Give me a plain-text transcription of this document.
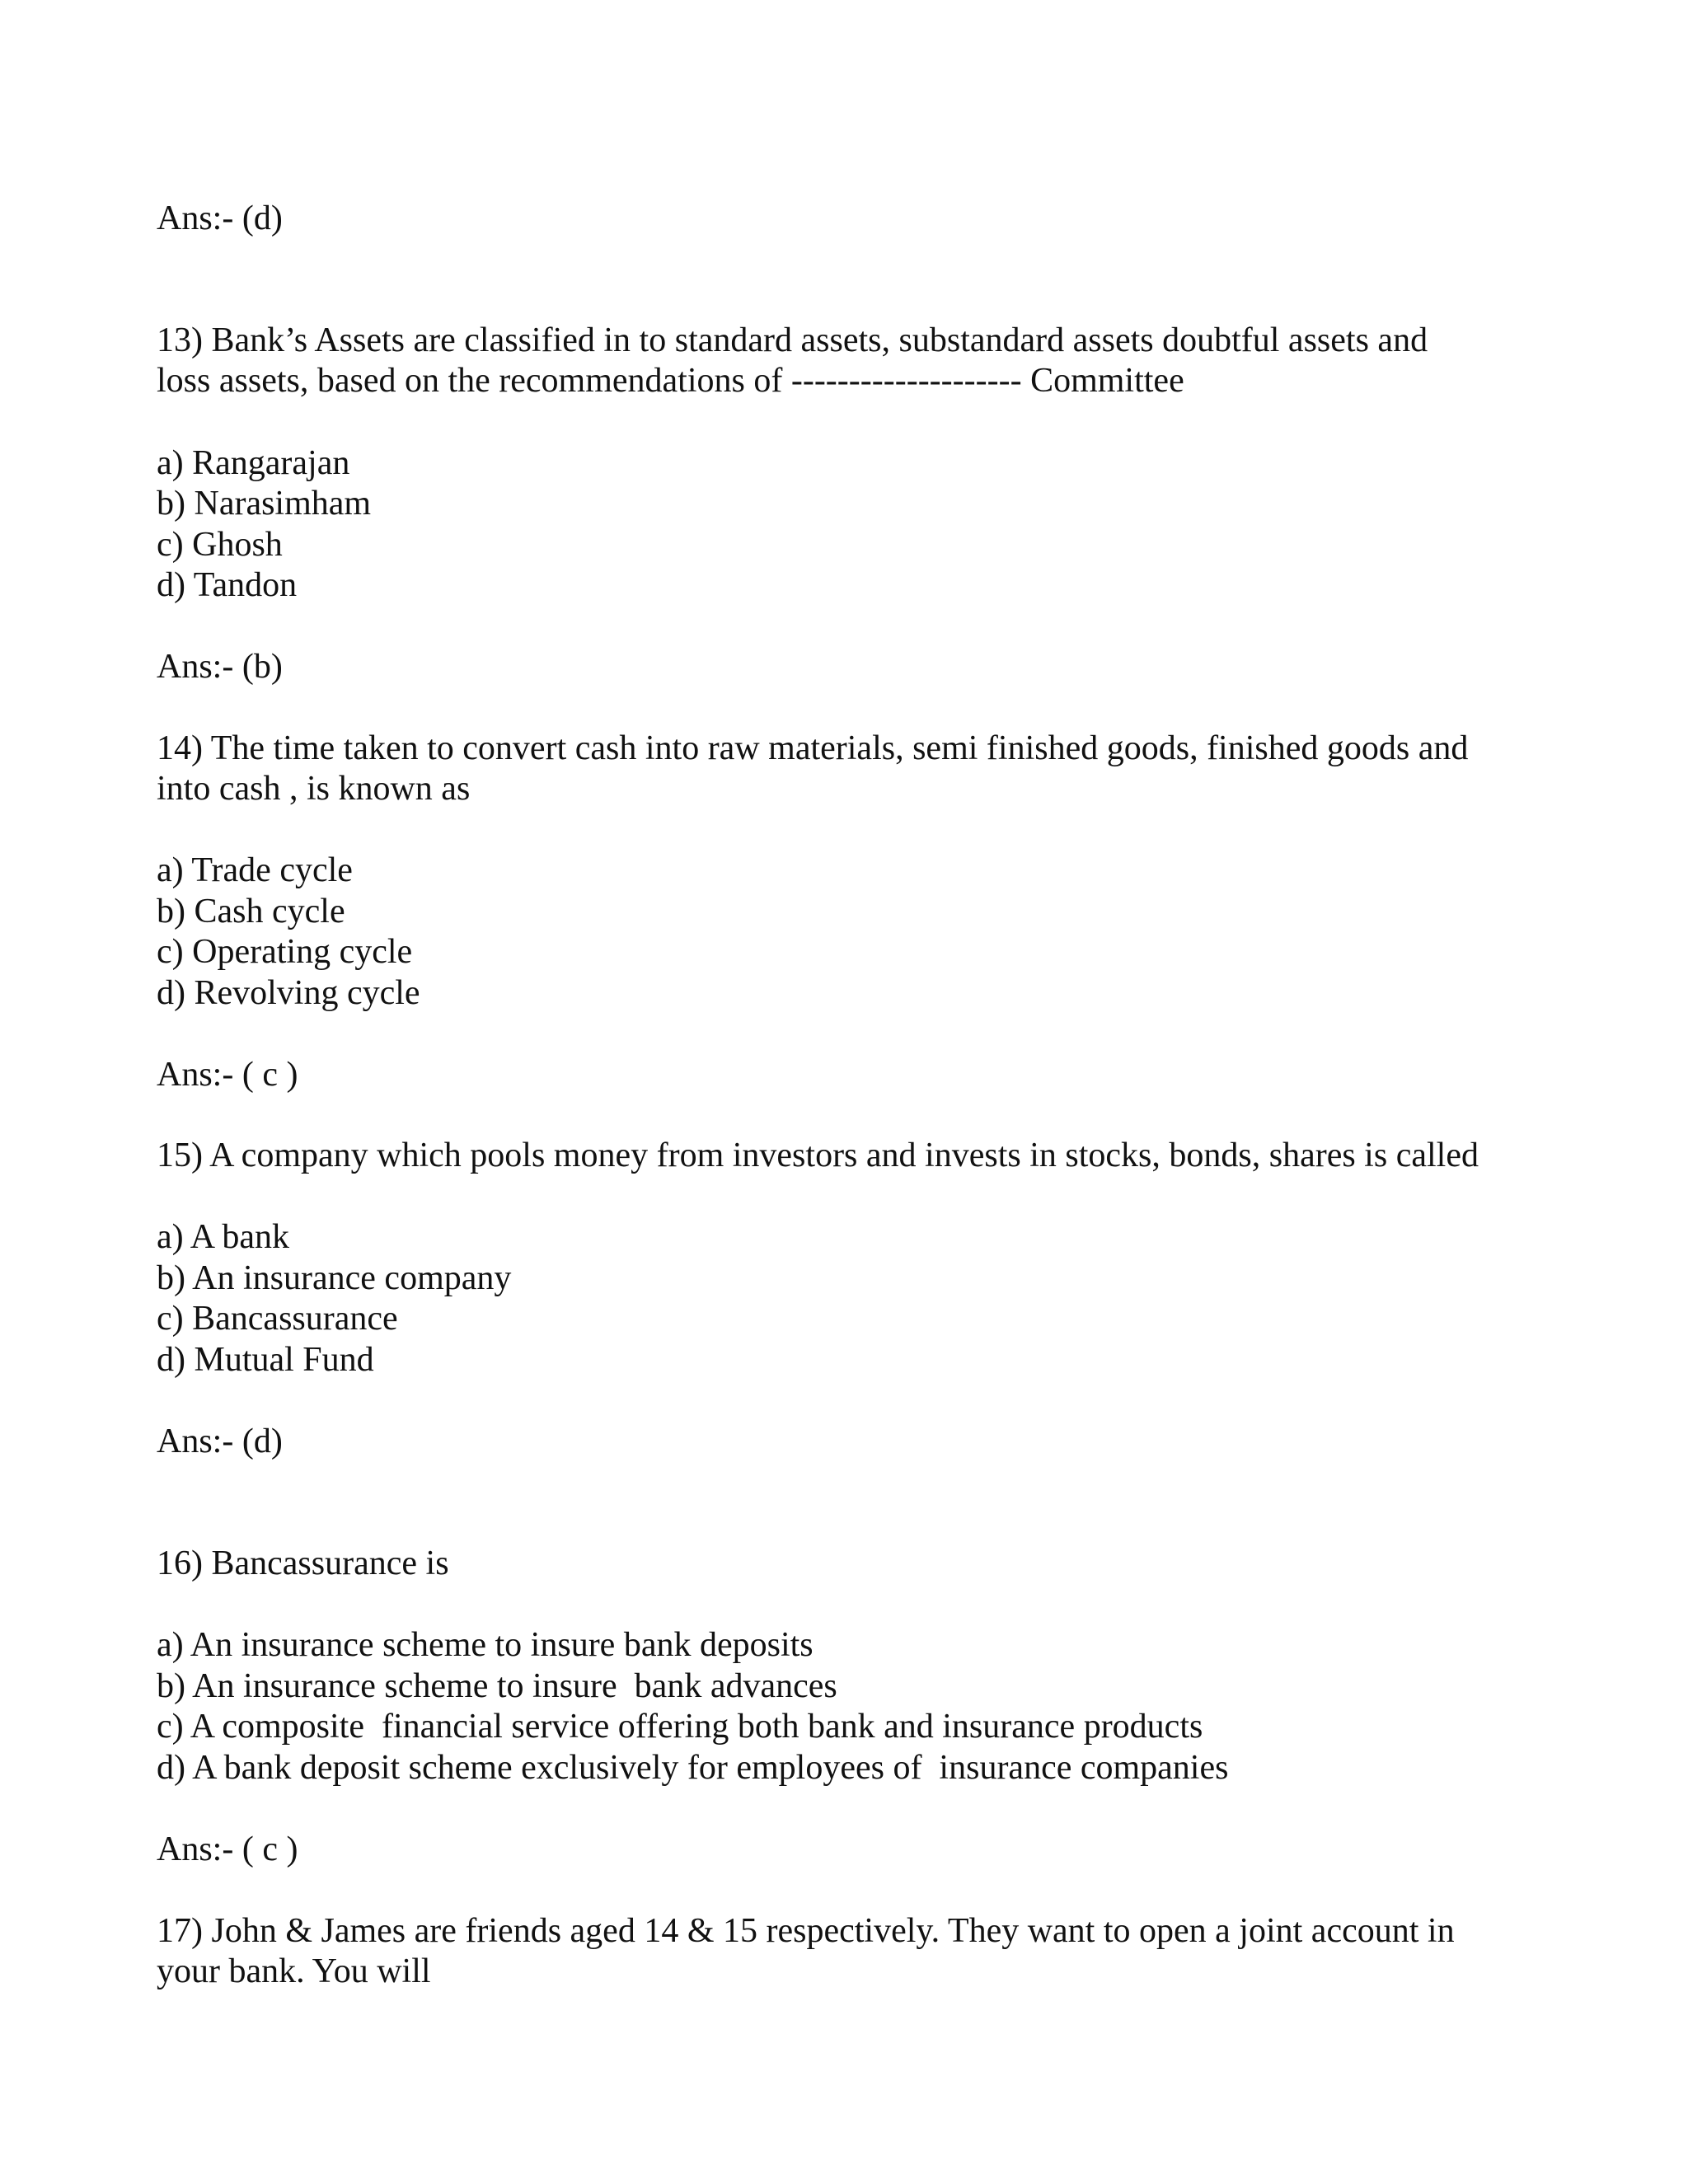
Ans:- (d)
13) Bank’s Assets are classified in to standard assets, substandard assets doubtful assets and
loss assets, based on the recommendations of -------------------- Committee
a) Rangarajan
b) Narasimham
c) Ghosh
d) Tandon
Ans:- (b)
14) The time taken to convert cash into raw materials, semi finished goods, finished goods and
into cash , is known as
a) Trade cycle
b) Cash cycle
c) Operating cycle
d) Revolving cycle
Ans:- ( c )
15) A company which pools money from investors and invests in stocks, bonds, shares is called
a) A bank
b) An insurance company
c) Bancassurance
d) Mutual Fund
Ans:- (d)
16) Bancassurance is
a) An insurance scheme to insure bank deposits
b) An insurance scheme to insure  bank advances
c) A composite  financial service offering both bank and insurance products
d) A bank deposit scheme exclusively for employees of  insurance companies
Ans:- ( c )
17) John & James are friends aged 14 & 15 respectively. They want to open a joint account in
your bank. You will
